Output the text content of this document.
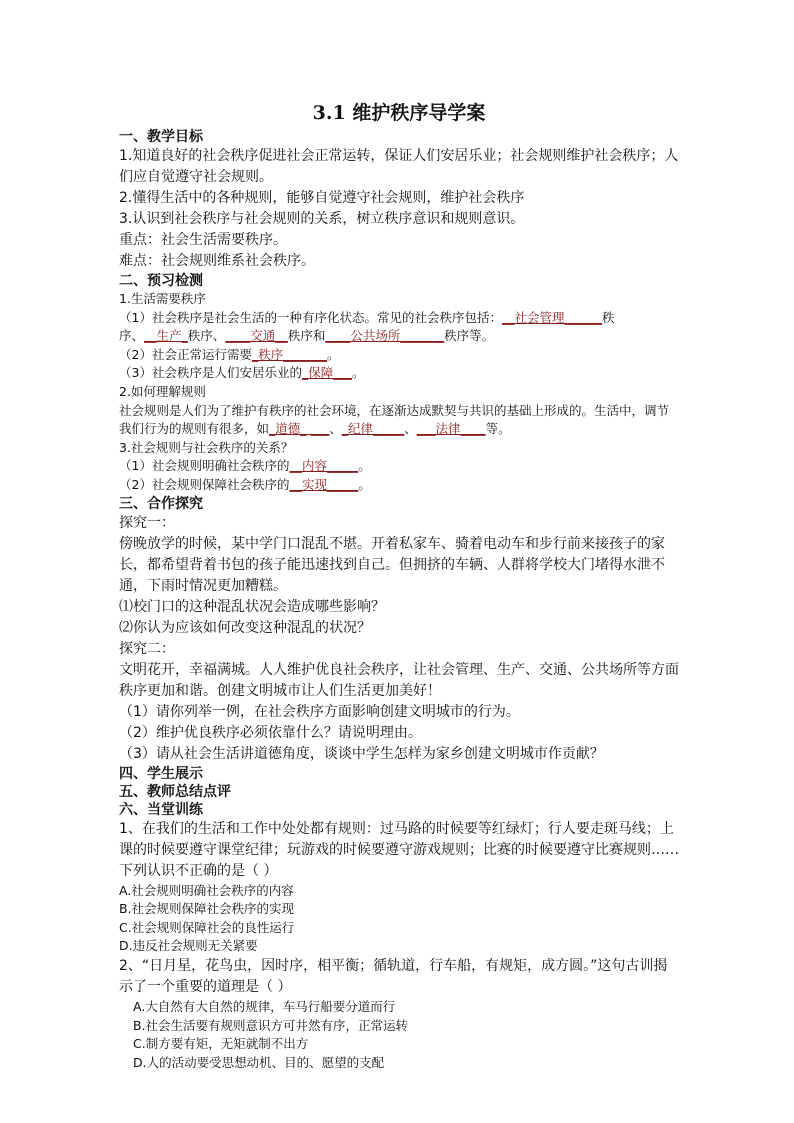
3.1 维护秩序导学案
一、教学目标
1.知道良好的社会秩序促进社会正常运转，保证人们安居乐业；社会规则维护社会秩序；人们应自觉遵守社会规则。
2.懂得生活中的各种规则，能够自觉遵守社会规则，维护社会秩序
3.认识到社会秩序与社会规则的关系，树立秩序意识和规则意识。
重点：社会生活需要秩序。
难点：社会规则维系社会秩序。
二、预习检测
1.生活需要秩序
（1）社会秩序是社会生活的一种有序化状态。常见的社会秩序包括：__社会管理______秩
序、__生产_秩序、____交通__秩序和____公共场所_______秩序等。
（2）社会正常运行需要_秩序_______。
（3）社会秩序是人们安居乐业的_保障___。
2.如何理解规则
社会规则是人们为了维护有秩序的社会环境，在逐渐达成默契与共识的基础上形成的。生活中，调节我们行为的规则有很多，如_道德_ ___、_纪律_____、___法律____等。
3.社会规则与社会秩序的关系？
（1）社会规则明确社会秩序的__内容_____。
（2）社会规则保障社会秩序的__实现_____。
三、合作探究
探究一：
傍晚放学的时候，某中学门口混乱不堪。开着私家车、骑着电动车和步行前来接孩子的家长，都希望背着书包的孩子能迅速找到自己。但拥挤的车辆、人群将学校大门堵得水泄不通，下雨时情况更加糟糕。
⑴校门口的这种混乱状况会造成哪些影响？
⑵你认为应该如何改变这种混乱的状况？
探究二：
文明花开，幸福满城。人人维护优良社会秩序，让社会管理、生产、交通、公共场所等方面秩序更加和谐。创建文明城市让人们生活更加美好！
（1）请你列举一例，在社会秩序方面影响创建文明城市的行为。
（2）维护优良秩序必须依靠什么？请说明理由。
（3）请从社会生活讲道德角度，谈谈中学生怎样为家乡创建文明城市作贡献？
四、学生展示
五、教师总结点评
六、当堂训练
1、在我们的生活和工作中处处都有规则：过马路的时候要等红绿灯；行人要走斑马线；上课的时候要遵守课堂纪律；玩游戏的时候要遵守游戏规则；比赛的时候要遵守比赛规则……下列认识不正确的是（ ）
A.社会规则明确社会秩序的内容
B.社会规则保障社会秩序的实现
C.社会规则保障社会的良性运行
D.违反社会规则无关紧要
2、“日月星，花鸟虫，因时序，相平衡；循轨道，行车船，有规矩，成方圆。”这句古训揭示了一个重要的道理是（ ）
A.大自然有大自然的规律，车马行船要分道而行
B.社会生活要有规则意识方可井然有序，正常运转
C.制方要有矩，无矩就制不出方
D.人的活动要受思想动机、目的、愿望的支配
